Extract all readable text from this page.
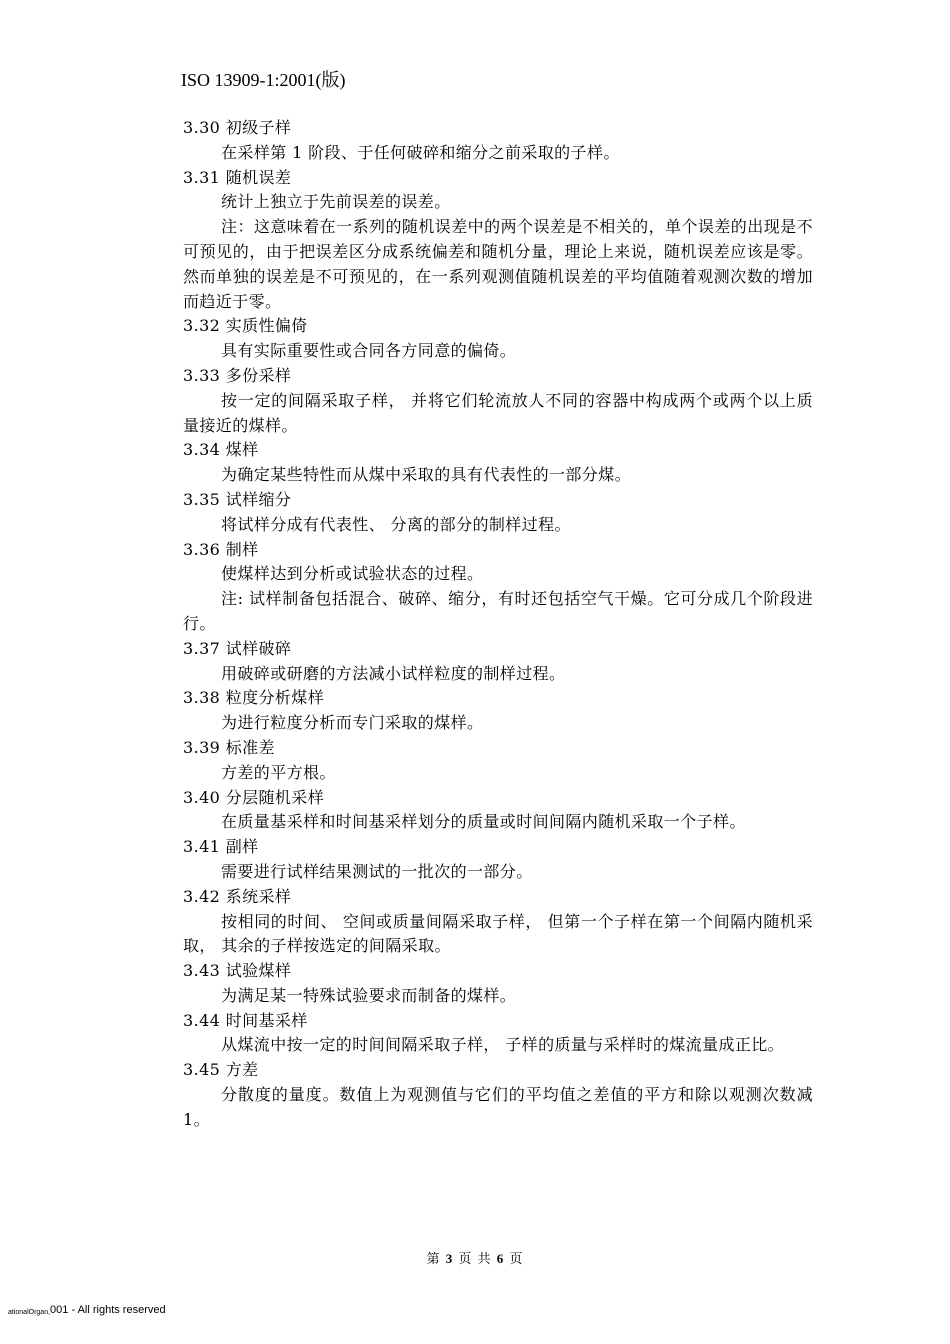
ISO 13909-1:2001(版)
3.30 初级子样
在采样第 1 阶段、于任何破碎和缩分之前采取的子样。
3.31 随机误差
统计上独立于先前误差的误差。
注：这意味着在一系列的随机误差中的两个误差是不相关的，单个误差的出现是不可预见的，由于把误差区分成系统偏差和随机分量，理论上来说，随机误差应该是零。然而单独的误差是不可预见的，在一系列观测值随机误差的平均值随着观测次数的增加而趋近于零。
3.32 实质性偏倚
具有实际重要性或合同各方同意的偏倚。
3.33 多份采样
按一定的间隔采取子样， 并将它们轮流放人不同的容器中构成两个或两个以上质量接近的煤样。
3.34 煤样
为确定某些特性而从煤中采取的具有代表性的一部分煤。
3.35 试样缩分
将试样分成有代表性、 分离的部分的制样过程。
3.36 制样
使煤样达到分析或试验状态的过程。
注: 试样制备包括混合、破碎、缩分，有时还包括空气干燥。它可分成几个阶段进行。
3.37 试样破碎
用破碎或研磨的方法减小试样粒度的制样过程。
3.38 粒度分析煤样
为进行粒度分析而专门采取的煤样。
3.39 标准差
方差的平方根。
3.40 分层随机采样
在质量基采样和时间基采样划分的质量或时间间隔内随机采取一个子样。
3.41 副样
需要进行试样结果测试的一批次的一部分。
3.42 系统采样
按相同的时间、 空间或质量间隔采取子样， 但第一个子样在第一个间隔内随机采取， 其余的子样按选定的间隔采取。
3.43 试验煤样
为满足某一特殊试验要求而制备的煤样。
3.44 时间基采样
从煤流中按一定的时间间隔采取子样， 子样的质量与采样时的煤流量成正比。
3.45 方差
分散度的量度。数值上为观测值与它们的平均值之差值的平方和除以观测次数减 1。
第 3 页 共 6 页
ationalOrgan,001 - All rights reserved
